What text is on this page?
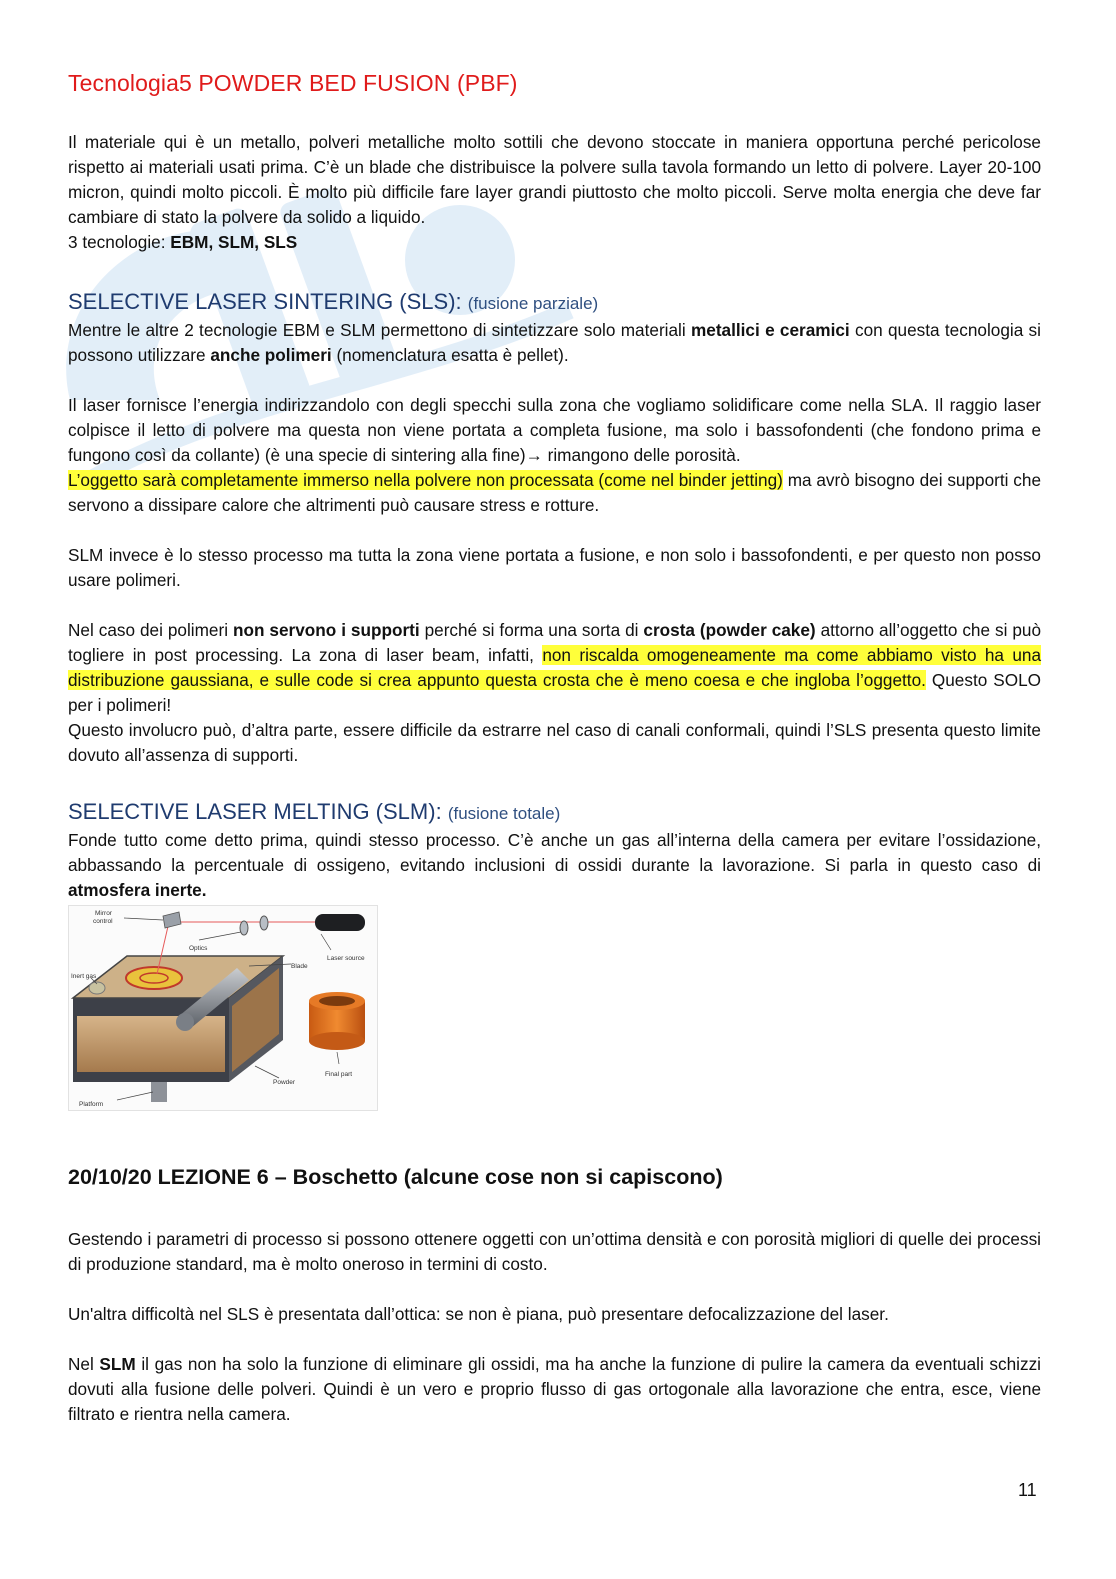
Tecnologia5 POWDER BED FUSION (PBF)

Il materiale qui è un metallo, polveri metalliche molto sottili che devono stoccate in maniera opportuna perché pericolose rispetto ai materiali usati prima. C’è un blade che distribuisce la polvere sulla tavola formando un letto di polvere. Layer 20-100 micron, quindi molto piccoli. È molto più difficile fare layer grandi piuttosto che molto piccoli. Serve molta energia che deve far cambiare di stato la polvere da solido a liquido.

3 tecnologie: EBM, SLM, SLS

SELECTIVE LASER SINTERING (SLS): (fusione parziale)

Mentre le altre 2 tecnologie EBM e SLM permettono di sintetizzare solo materiali metallici e ceramici con questa tecnologia si possono utilizzare anche polimeri (nomenclatura esatta è pellet).

Il laser fornisce l’energia indirizzandolo con degli specchi sulla zona che vogliamo solidificare come nella SLA. Il raggio laser colpisce il letto di polvere ma questa non viene portata a completa fusione, ma solo i bassofondenti (che fondono prima e fungono così da collante) (è una specie di sintering alla fine)→ rimangono delle porosità.
L’oggetto sarà completamente immerso nella polvere non processata (come nel binder jetting) ma avrò bisogno dei supporti che servono a dissipare calore che altrimenti può causare stress e rotture.

SLM invece è lo stesso processo ma tutta la zona viene portata a fusione, e non solo i bassofondenti, e per questo non posso usare polimeri.

Nel caso dei polimeri non servono i supporti perché si forma una sorta di crosta (powder cake) attorno all’oggetto che si può togliere in post processing. La zona di laser beam, infatti, non riscalda omogeneamente ma come abbiamo visto ha una distribuzione gaussiana, e sulle code si crea appunto questa crosta che è meno coesa e che ingloba l’oggetto. Questo SOLO per i polimeri!

Questo involucro può, d’altra parte, essere difficile da estrarre nel caso di canali conformali, quindi l’SLS presenta questo limite dovuto all’assenza di supporti.

SELECTIVE LASER MELTING (SLM): (fusione totale)

Fonde tutto come detto prima, quindi stesso processo. C’è anche un gas all’interna della camera per evitare l’ossidazione, abbassando la percentuale di ossigeno, evitando inclusioni di ossidi durante la lavorazione. Si parla in questo caso di atmosfera inerte.

Mirror
control
Optics
Laser source
Blade
Inert gas
Powder
Final part
Platform
20/10/20 LEZIONE 6 – Boschetto (alcune cose non si capiscono)

Gestendo i parametri di processo si possono ottenere oggetti con un’ottima densità e con porosità migliori di quelle dei processi di produzione standard, ma è molto oneroso in termini di costo.

Un'altra difficoltà nel SLS è presentata dall’ottica: se non è piana, può presentare defocalizzazione del laser.

Nel SLM il gas non ha solo la funzione di eliminare gli ossidi, ma ha anche la funzione di pulire la camera da eventuali schizzi dovuti alla fusione delle polveri. Quindi è un vero e proprio flusso di gas ortogonale alla lavorazione che entra, esce, viene filtrato e rientra nella camera.

11
